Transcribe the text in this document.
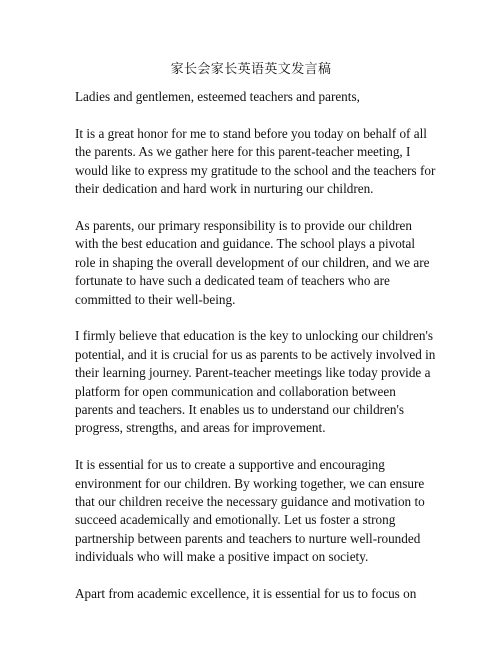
家长会家长英语英文发言稿

Ladies and gentlemen, esteemed teachers and parents,

It is a great honor for me to stand before you today on behalf of all the parents. As we gather here for this parent-teacher meeting, I would like to express my gratitude to the school and the teachers for their dedication and hard work in nurturing our children.

As parents, our primary responsibility is to provide our children with the best education and guidance. The school plays a pivotal role in shaping the overall development of our children, and we are fortunate to have such a dedicated team of teachers who are committed to their well-being.

I firmly believe that education is the key to unlocking our children's potential, and it is crucial for us as parents to be actively involved in their learning journey. Parent-teacher meetings like today provide a platform for open communication and collaboration between parents and teachers. It enables us to understand our children's progress, strengths, and areas for improvement.

It is essential for us to create a supportive and encouraging environment for our children. By working together, we can ensure that our children receive the necessary guidance and motivation to succeed academically and emotionally. Let us foster a strong partnership between parents and teachers to nurture well-rounded individuals who will make a positive impact on society.

Apart from academic excellence, it is essential for us to focus on
